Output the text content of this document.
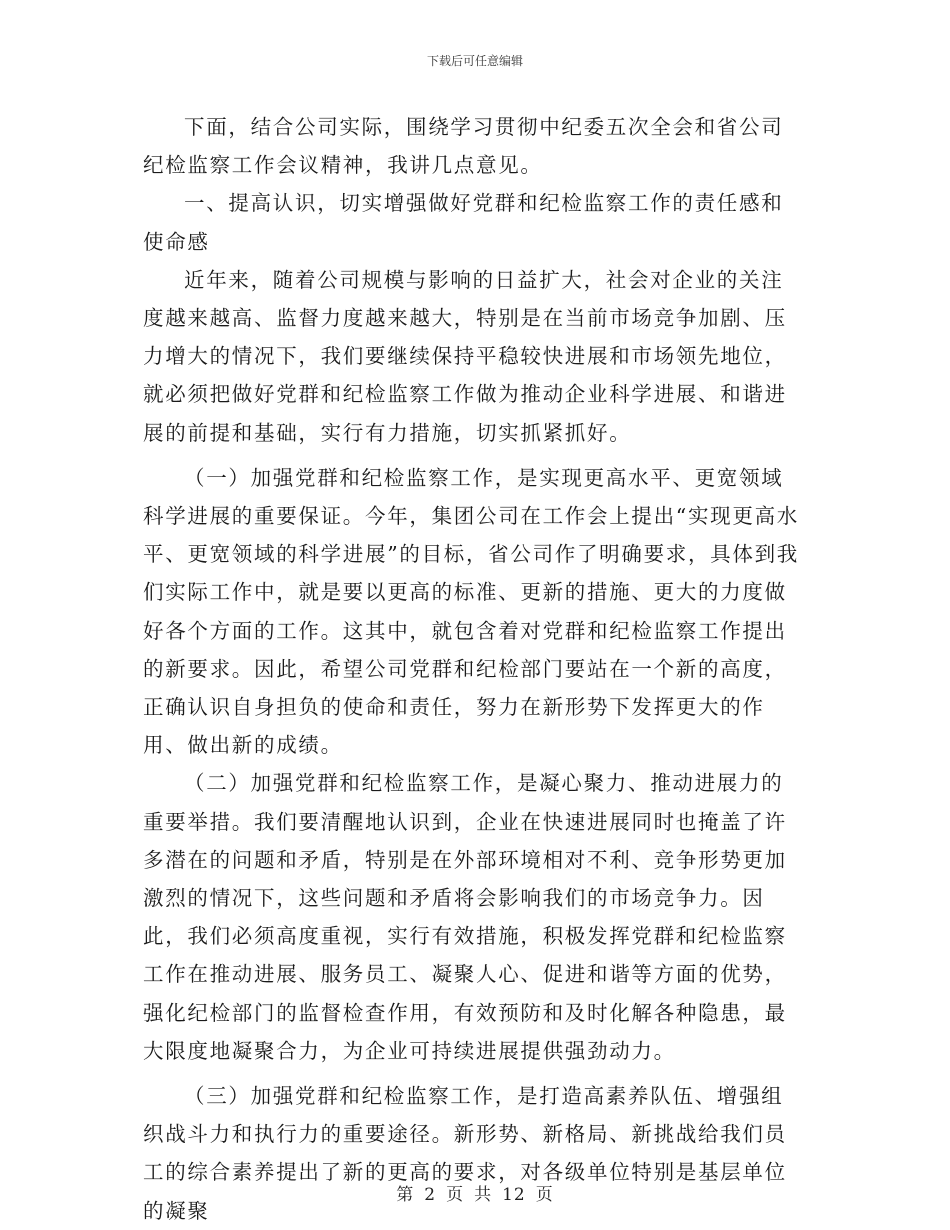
下载后可任意编辑

下面，结合公司实际，围绕学习贯彻中纪委五次全会和省公司纪检监察工作会议精神，我讲几点意见。

一、提高认识，切实增强做好党群和纪检监察工作的责任感和使命感

近年来，随着公司规模与影响的日益扩大，社会对企业的关注度越来越高、监督力度越来越大，特别是在当前市场竞争加剧、压力增大的情况下，我们要继续保持平稳较快进展和市场领先地位，就必须把做好党群和纪检监察工作做为推动企业科学进展、和谐进展的前提和基础，实行有力措施，切实抓紧抓好。

（一）加强党群和纪检监察工作，是实现更高水平、更宽领域科学进展的重要保证。今年，集团公司在工作会上提出“实现更高水平、更宽领域的科学进展”的目标，省公司作了明确要求，具体到我们实际工作中，就是要以更高的标准、更新的措施、更大的力度做好各个方面的工作。这其中，就包含着对党群和纪检监察工作提出的新要求。因此，希望公司党群和纪检部门要站在一个新的高度，正确认识自身担负的使命和责任，努力在新形势下发挥更大的作用、做出新的成绩。

（二）加强党群和纪检监察工作，是凝心聚力、推动进展力的重要举措。我们要清醒地认识到，企业在快速进展同时也掩盖了许多潜在的问题和矛盾，特别是在外部环境相对不利、竞争形势更加激烈的情况下，这些问题和矛盾将会影响我们的市场竞争力。因此，我们必须高度重视，实行有效措施，积极发挥党群和纪检监察工作在推动进展、服务员工、凝聚人心、促进和谐等方面的优势，强化纪检部门的监督检查作用，有效预防和及时化解各种隐患，最大限度地凝聚合力，为企业可持续进展提供强劲动力。

（三）加强党群和纪检监察工作，是打造高素养队伍、增强组织战斗力和执行力的重要途径。新形势、新格局、新挑战给我们员工的综合素养提出了新的更高的要求，对各级单位特别是基层单位的凝聚

第 2 页 共 12 页
